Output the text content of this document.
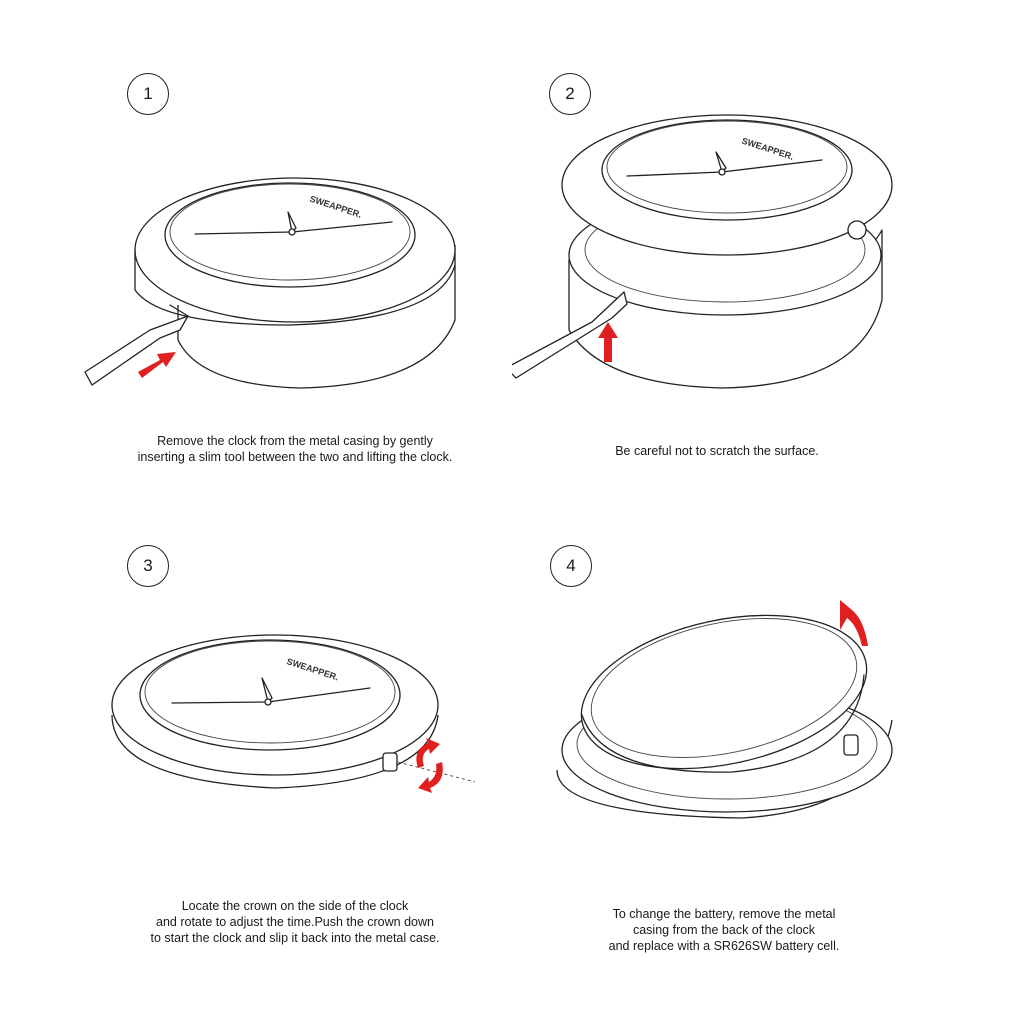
1
SWEAPPER.
Remove the clock from the metal casing by gently
inserting a slim tool between the two and lifting the clock.
2
SWEAPPER.
Be careful not to scratch the surface.
3
SWEAPPER.
Locate the crown on the side of the clock
and rotate to adjust the time.Push the crown down
to start the clock and slip it back into the metal case.
4
To change the battery, remove the metal
casing from the back of the clock
and replace with a SR626SW battery cell.
